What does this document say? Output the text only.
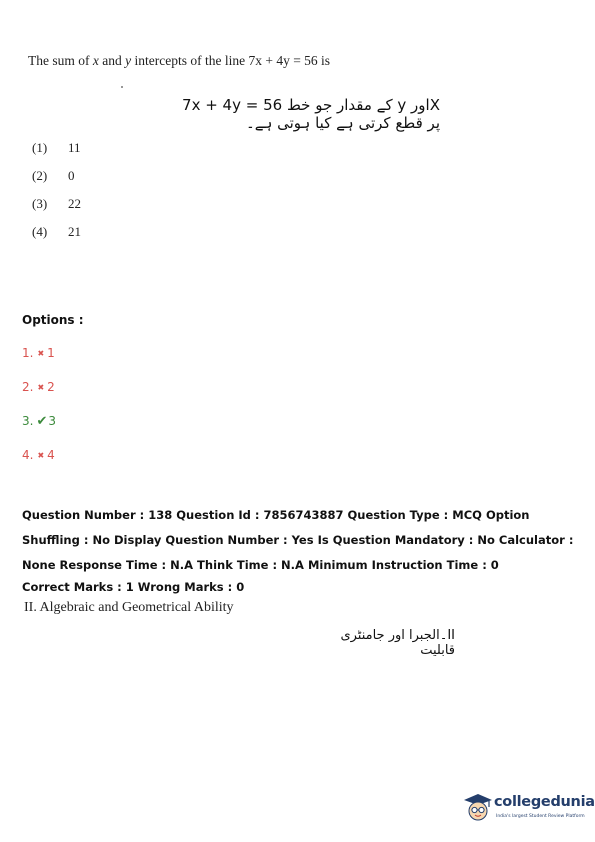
The sum of x and y intercepts of the line 7x + 4y = 56 is
Xاور y کے مقدار جو خط 7x + 4y = 56 پر قطع کرتی ہے کیا ہوتی ہے۔
(1) 11
(2) 0
(3) 22
(4) 21
Options :
1. ✖ 1
2. ✖ 2
3. ✔3
4. ✖ 4
Question Number : 138 Question Id : 7856743887 Question Type : MCQ Option Shuffling : No Display Question Number : Yes Is Question Mandatory : No Calculator : None Response Time : N.A Think Time : N.A Minimum Instruction Time : 0
Correct Marks : 1 Wrong Marks : 0
II. Algebraic and Geometrical Ability
II۔الجبرا اور جامنٹری قابلیت
collegedunia
India's largest Student Review Platform
